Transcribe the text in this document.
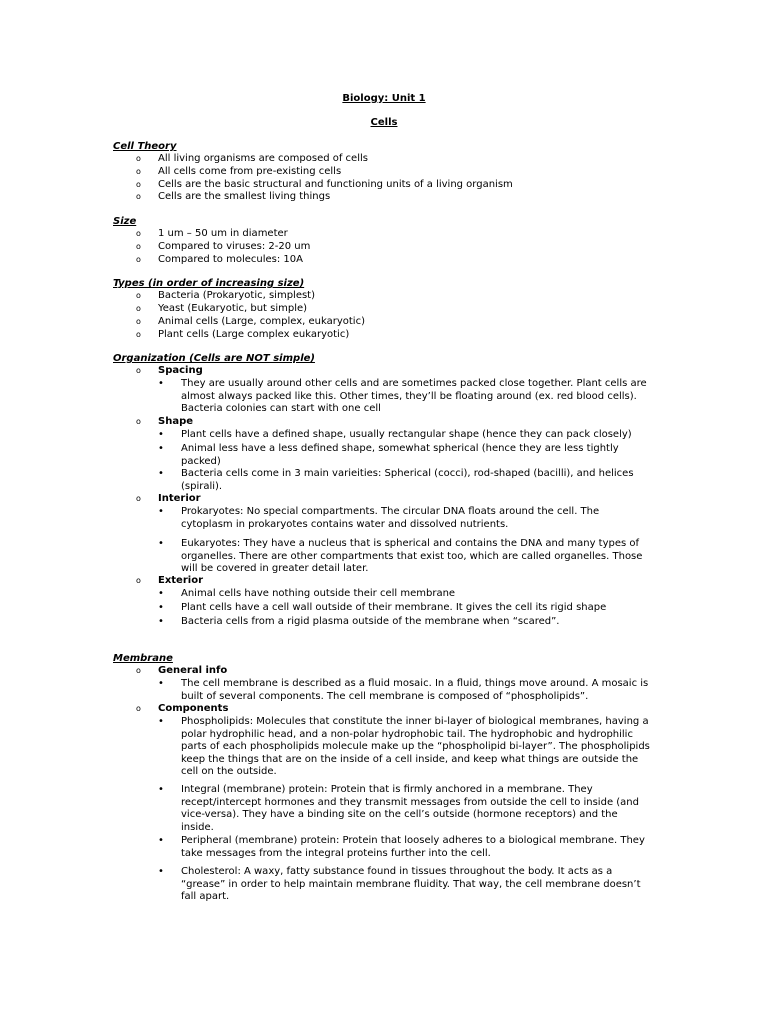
Biology: Unit 1
Cells
Cell Theory
o All living organisms are composed of cells
o All cells come from pre-existing cells
o Cells are the basic structural and functioning units of a living organism
o Cells are the smallest living things
Size
o 1 um – 50 um in diameter
o Compared to viruses: 2-20 um
o Compared to molecules: 10A
Types (in order of increasing size)
o Bacteria (Prokaryotic, simplest)
o Yeast (Eukaryotic, but simple)
o Animal cells (Large, complex, eukaryotic)
o Plant cells (Large complex eukaryotic)
Organization (Cells are NOT simple)
o Spacing
• They are usually around other cells and are sometimes packed close together. Plant cells are almost always packed like this. Other times, they’ll be floating around (ex. red blood cells). Bacteria colonies can start with one cell
o Shape
• Plant cells have a defined shape, usually rectangular shape (hence they can pack closely)
• Animal less have a less defined shape, somewhat spherical (hence they are less tightly packed)
• Bacteria cells come in 3 main varieities: Spherical (cocci), rod-shaped (bacilli), and helices (spirali).
o Interior
• Prokaryotes: No special compartments. The circular DNA floats around the cell. The cytoplasm in prokaryotes contains water and dissolved nutrients.
• Eukaryotes: They have a nucleus that is spherical and contains the DNA and many types of organelles. There are other compartments that exist too, which are called organelles. Those will be covered in greater detail later.
o Exterior
• Animal cells have nothing outside their cell membrane
• Plant cells have a cell wall outside of their membrane. It gives the cell its rigid shape
• Bacteria cells from a rigid plasma outside of the membrane when “scared”.
Membrane
o General info
• The cell membrane is described as a fluid mosaic. In a fluid, things move around. A mosaic is built of several components. The cell membrane is composed of “phospholipids”.
o Components
• Phospholipids: Molecules that constitute the inner bi-layer of biological membranes, having a polar hydrophilic head, and a non-polar hydrophobic tail. The hydrophobic and hydrophilic parts of each phospholipids molecule make up the “phospholipid bi-layer”. The phospholipids keep the things that are on the inside of a cell inside, and keep what things are outside the cell on the outside.
• Integral (membrane) protein: Protein that is firmly anchored in a membrane. They recept/intercept hormones and they transmit messages from outside the cell to inside (and vice-versa). They have a binding site on the cell’s outside (hormone receptors) and the inside.
• Peripheral (membrane) protein: Protein that loosely adheres to a biological membrane. They take messages from the integral proteins further into the cell.
• Cholesterol: A waxy, fatty substance found in tissues throughout the body. It acts as a “grease” in order to help maintain membrane fluidity. That way, the cell membrane doesn’t fall apart.
